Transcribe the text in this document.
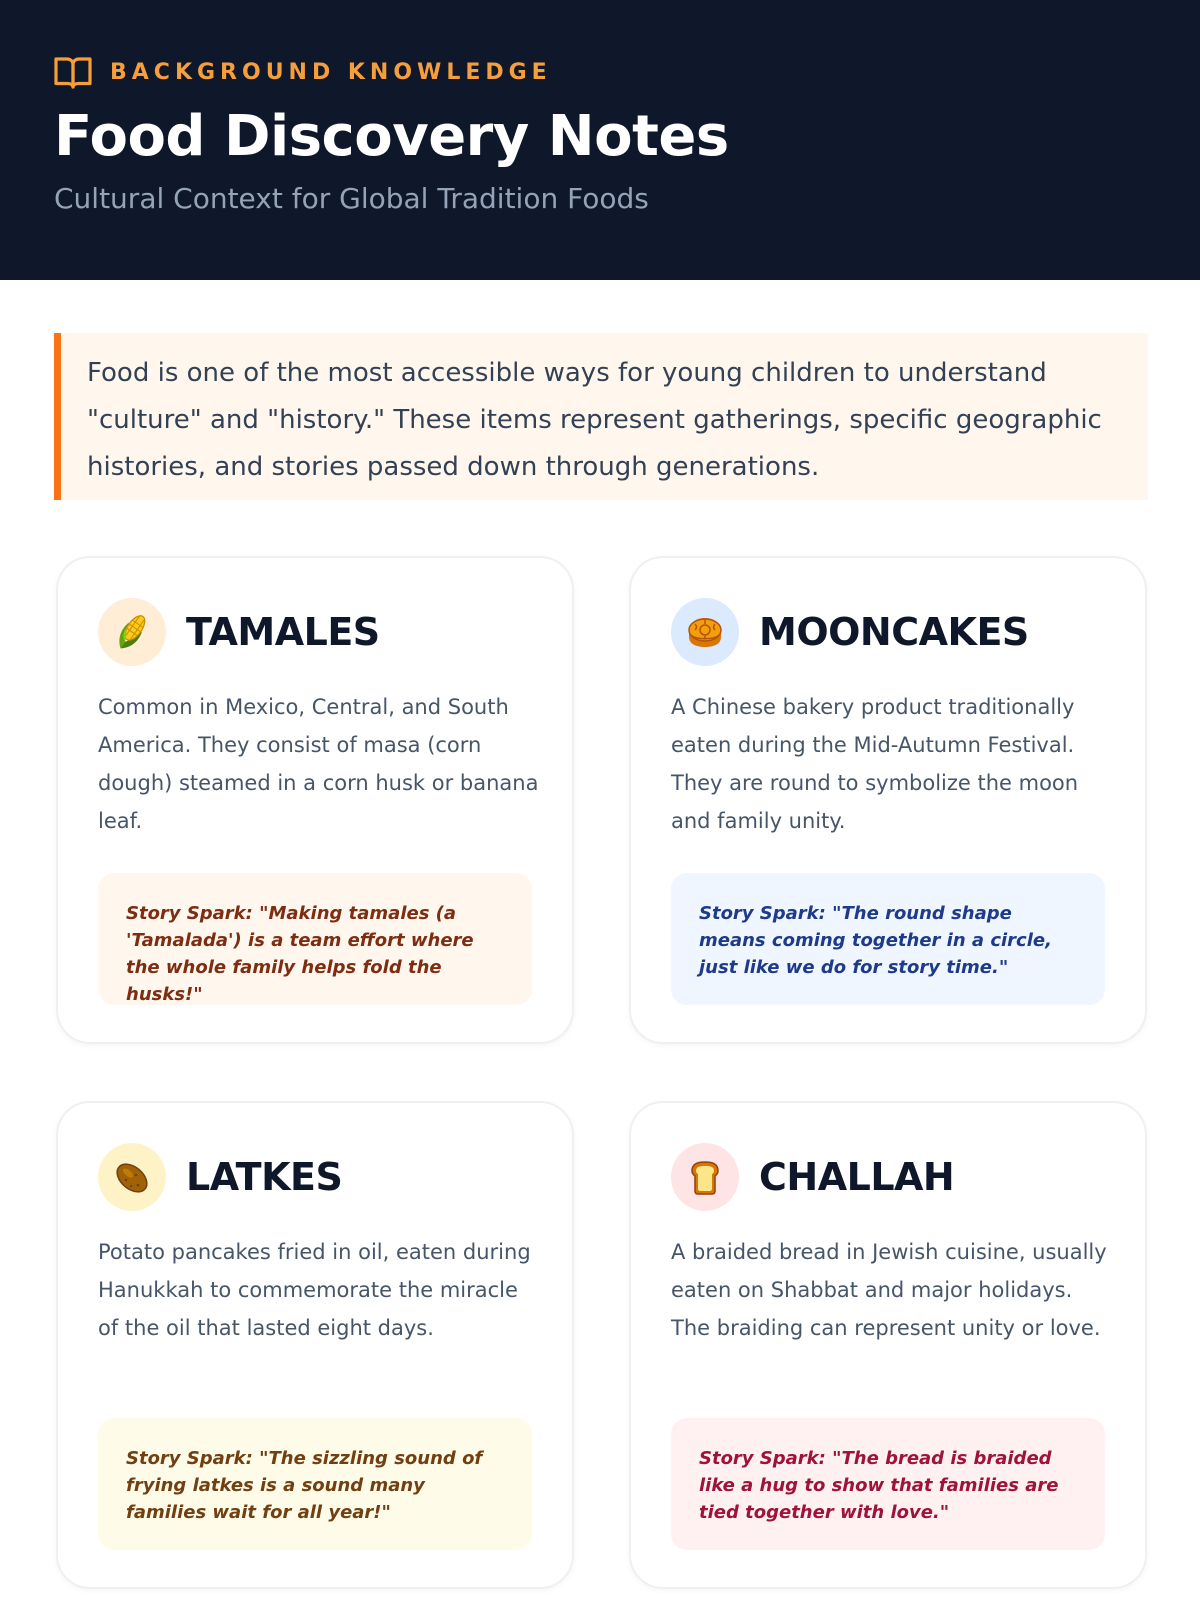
BACKGROUND KNOWLEDGE
Food Discovery Notes
Cultural Context for Global Tradition Foods

Food is one of the most accessible ways for young children to understand "culture" and "history." These items represent gatherings, specific geographic histories, and stories passed down through generations.

TAMALES

Common in Mexico, Central, and South America. They consist of masa (corn dough) steamed in a corn husk or banana leaf.

Story Spark: "Making tamales (a 'Tamalada') is a team effort where the whole family helps fold the husks!"

MOONCAKES

A Chinese bakery product traditionally eaten during the Mid-Autumn Festival. They are round to symbolize the moon and family unity.

Story Spark: "The round shape means coming together in a circle, just like we do for story time."

LATKES

Potato pancakes fried in oil, eaten during Hanukkah to commemorate the miracle of the oil that lasted eight days.

Story Spark: "The sizzling sound of frying latkes is a sound many families wait for all year!"

CHALLAH

A braided bread in Jewish cuisine, usually eaten on Shabbat and major holidays. The braiding can represent unity or love.

Story Spark: "The bread is braided like a hug to show that families are tied together with love."
